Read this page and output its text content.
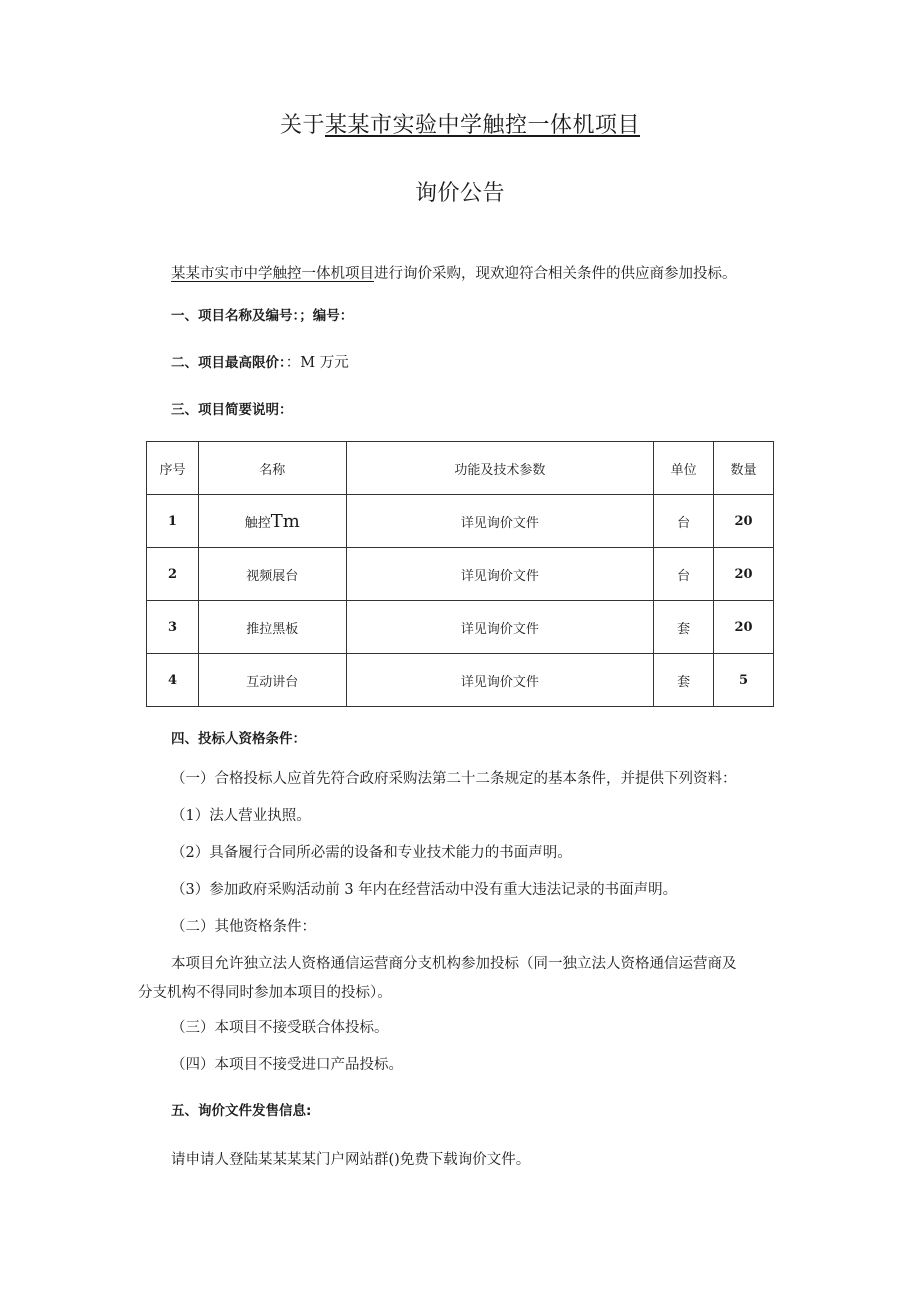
关于某某市实验中学触控一体机项目
询价公告
某某市实市中学触控一体机项目进行询价采购，现欢迎符合相关条件的供应商参加投标。
一、项目名称及编号：；编号：
二、项目最高限价：：M 万元
三、项目简要说明：
序号	名称	功能及技术参数	单位	数量
1	触控Tm	详见询价文件	台	20
2	视频展台	详见询价文件	台	20
3	推拉黑板	详见询价文件	套	20
4	互动讲台	详见询价文件	套	5
四、投标人资格条件：
（一）合格投标人应首先符合政府采购法第二十二条规定的基本条件，并提供下列资料：
（1）法人营业执照。
（2）具备履行合同所必需的设备和专业技术能力的书面声明。
（3）参加政府采购活动前 3 年内在经营活动中没有重大违法记录的书面声明。
（二）其他资格条件：
本项目允许独立法人资格通信运营商分支机构参加投标（同一独立法人资格通信运营商及
分支机构不得同时参加本项目的投标）。
（三）本项目不接受联合体投标。
（四）本项目不接受进口产品投标。
五、询价文件发售信息:
请申请人登陆某某某某门户网站群()免费下载询价文件。
